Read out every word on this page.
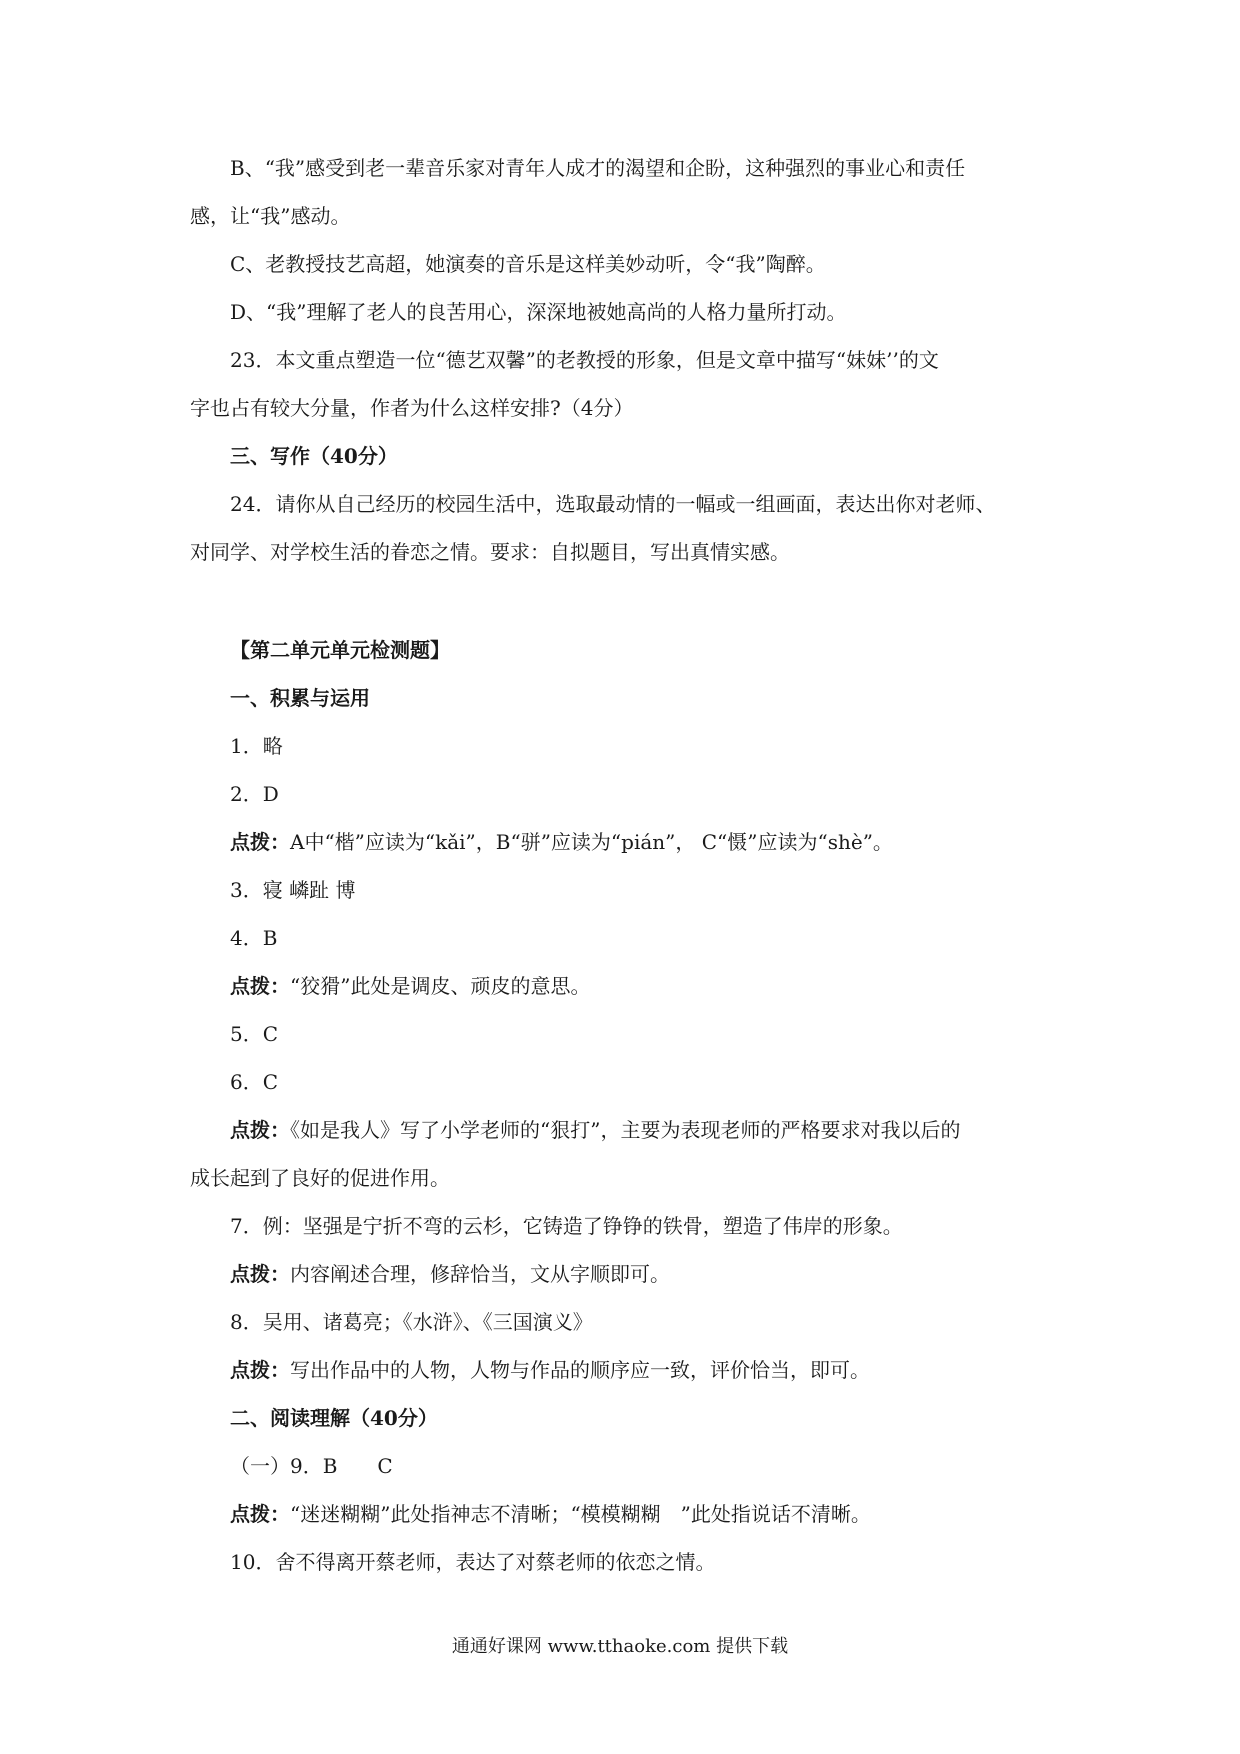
B、“我”感受到老一辈音乐家对青年人成才的渴望和企盼，这种强烈的事业心和责任
感，让“我”感动。
C、老教授技艺高超，她演奏的音乐是这样美妙动听，令“我”陶醉。
D、“我”理解了老人的良苦用心，深深地被她高尚的人格力量所打动。
23．本文重点塑造一位“德艺双馨”的老教授的形象，但是文章中描写“妹妹’’的文
字也占有较大分量，作者为什么这样安排?（4分）
三、写作（40分）
24．请你从自己经历的校园生活中，选取最动情的一幅或一组画面，表达出你对老师、
对同学、对学校生活的眷恋之情。要求：自拟题目，写出真情实感。
【第二单元单元检测题】
一、积累与运用
1．略
2．D
点拨：A中“楷”应读为“kǎi”，B“骈”应读为“pián”， C“慑”应读为“shè”。
3．寝 嶙趾 博
4．B
点拨：“狡猾”此处是调皮、顽皮的意思。
5．C
6．C
点拨：《如是我人》写了小学老师的“狠打”，主要为表现老师的严格要求对我以后的
成长起到了良好的促进作用。
7．例：坚强是宁折不弯的云杉，它铸造了铮铮的铁骨，塑造了伟岸的形象。
点拨：内容阐述合理，修辞恰当，文从字顺即可。
8．吴用、诸葛亮；《水浒》、《三国演义》
点拨：写出作品中的人物，人物与作品的顺序应一致，评价恰当，即可。
二、阅读理解（40分）
（一）9．B　　C
点拨：“迷迷糊糊”此处指神志不清晰；“模模糊糊　”此处指说话不清晰。
10．舍不得离开蔡老师，表达了对蔡老师的依恋之情。
通通好课网 www.tthaoke.com 提供下载
